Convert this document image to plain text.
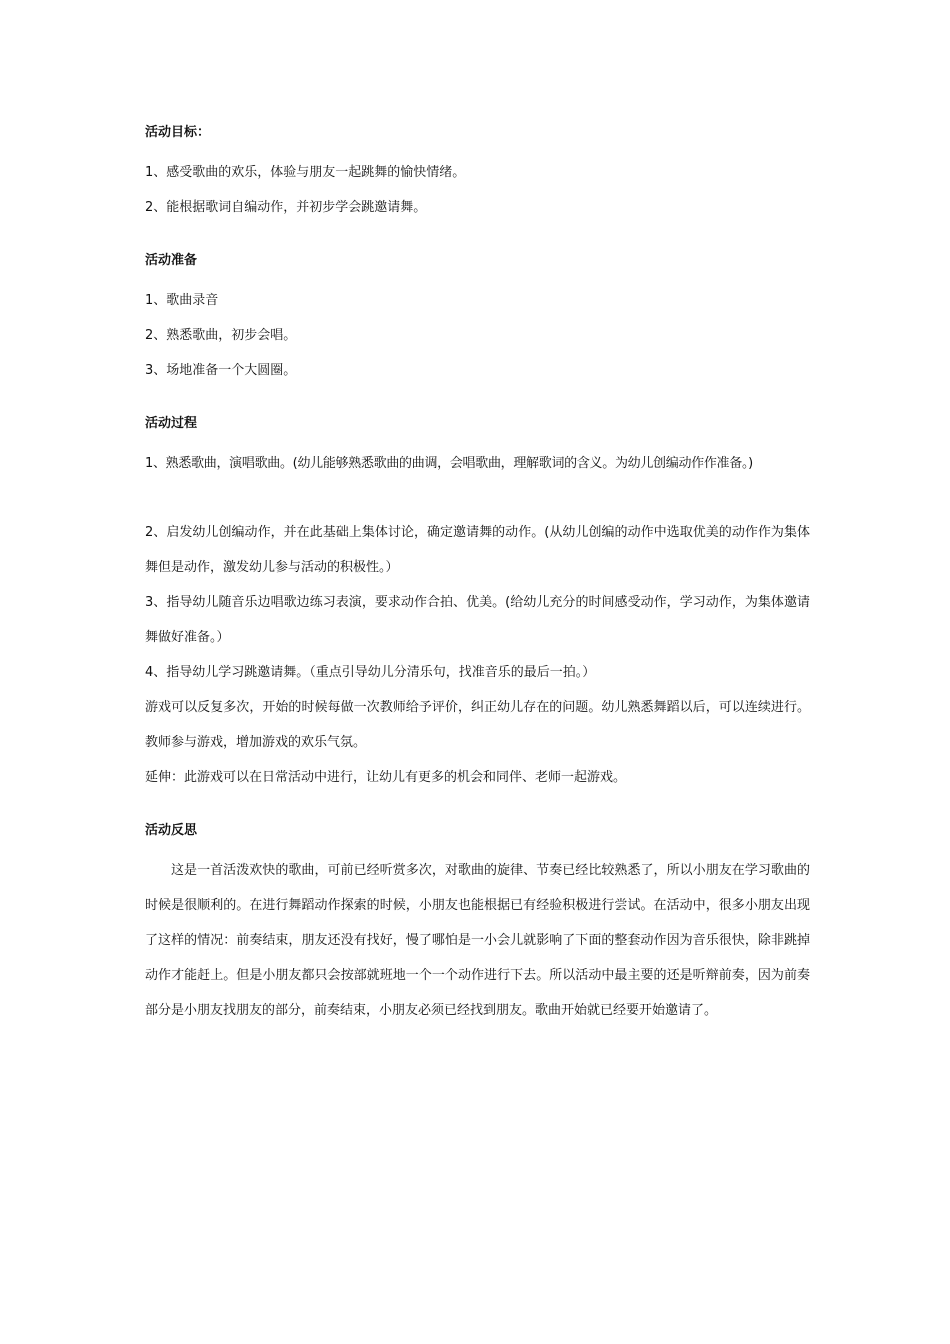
活动目标：

1、感受歌曲的欢乐，体验与朋友一起跳舞的愉快情绪。

2、能根据歌词自编动作，并初步学会跳邀请舞。

活动准备

1、歌曲录音

2、熟悉歌曲，初步会唱。

3、场地准备一个大圆圈。

活动过程

1、熟悉歌曲，演唱歌曲。(幼儿能够熟悉歌曲的曲调，会唱歌曲，理解歌词的含义。为幼儿创编动作作准备。)

2、启发幼儿创编动作，并在此基础上集体讨论，确定邀请舞的动作。(从幼儿创编的动作中选取优美的动作作为集体舞但是动作，激发幼儿参与活动的积极性。）

3、指导幼儿随音乐边唱歌边练习表演，要求动作合拍、优美。(给幼儿充分的时间感受动作，学习动作，为集体邀请舞做好准备。）

4、指导幼儿学习跳邀请舞。（重点引导幼儿分清乐句，找准音乐的最后一拍。）

游戏可以反复多次，开始的时候每做一次教师给予评价，纠正幼儿存在的问题。幼儿熟悉舞蹈以后，可以连续进行。教师参与游戏，增加游戏的欢乐气氛。

延伸：此游戏可以在日常活动中进行，让幼儿有更多的机会和同伴、老师一起游戏。

活动反思

这是一首活泼欢快的歌曲，可前已经听赏多次，对歌曲的旋律、节奏已经比较熟悉了，所以小朋友在学习歌曲的时候是很顺利的。在进行舞蹈动作探索的时候，小朋友也能根据已有经验积极进行尝试。在活动中，很多小朋友出现了这样的情况：前奏结束，朋友还没有找好，慢了哪怕是一小会儿就影响了下面的整套动作因为音乐很快，除非跳掉动作才能赶上。但是小朋友都只会按部就班地一个一个动作进行下去。所以活动中最主要的还是听辩前奏，因为前奏部分是小朋友找朋友的部分，前奏结束，小朋友必须已经找到朋友。歌曲开始就已经要开始邀请了。
